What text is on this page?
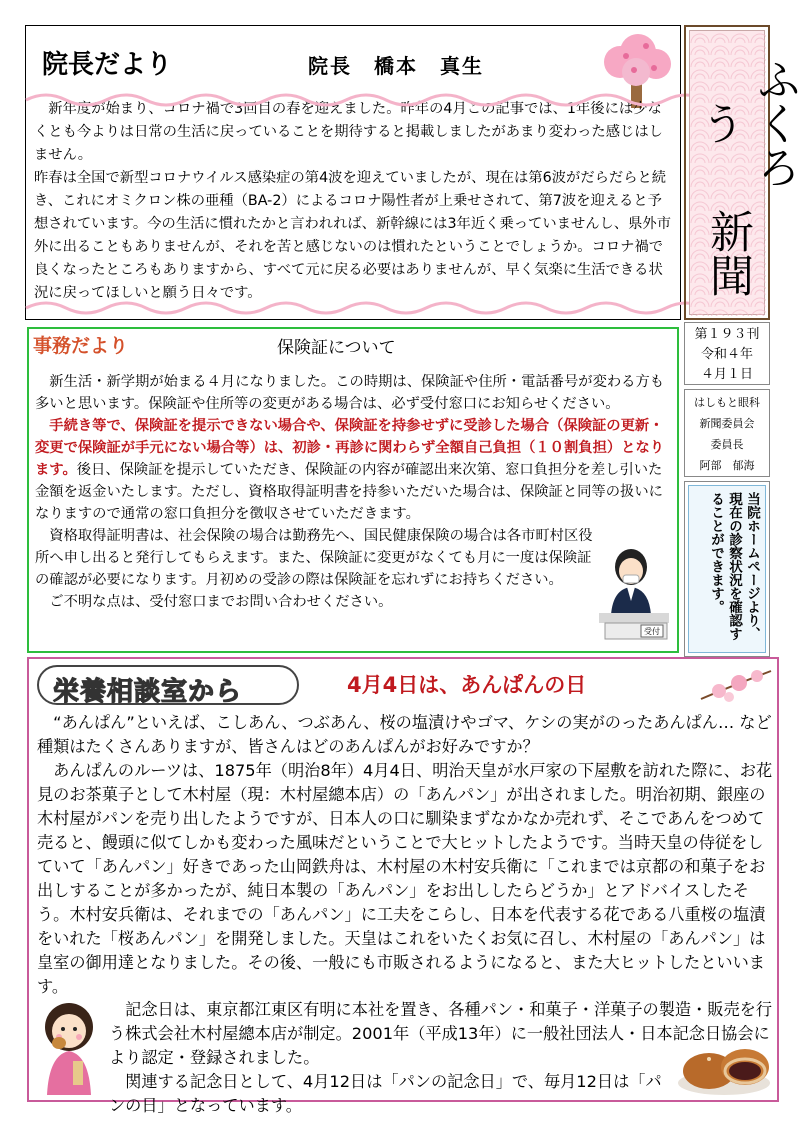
院長だより	院長　橋本　真生

　新年度が始まり、コロナ禍で3回目の春を迎えました。昨年の4月この記事では、1年後には少なくとも今よりは日常の生活に戻っていることを期待すると掲載しましたがあまり変わった感じはしません。

昨春は全国で新型コロナウイルス感染症の第4波を迎えていましたが、現在は第6波がだらだらと続き、これにオミクロン株の亜種（BA-2）によるコロナ陽性者が上乗せされて、第7波を迎えると予想されています。今の生活に慣れたかと言われれば、新幹線には3年近く乗っていませんし、県外市外に出ることもありませんが、それを苦と感じないのは慣れたということでしょうか。コロナ禍で良くなったところもありますから、すべて元に戻る必要はありませんが、早く気楽に生活できる状況に戻ってほしいと願う日々です。

ふくろう
新聞
第１９３刊
令和４年
４月１日
はしもと眼科
新聞委員会
委員長
阿部　郁海
当院ホームページより、現在の診察状況を確認することができます。
事務だより	保険証について

　新生活・新学期が始まる４月になりました。この時期は、保険証や住所・電話番号が変わる方も多いと思います。保険証や住所等の変更がある場合は、必ず受付窓口にお知らせください。

　手続き等で、保険証を提示できない場合や、保険証を持参せずに受診した場合（保険証の更新・変更で保険証が手元にない場合等）は、初診・再診に関わらず全額自己負担（１０割負担）となります。後日、保険証を提示していただき、保険証の内容が確認出来次第、窓口負担分を差し引いた金額を返金いたします。ただし、資格取得証明書を持参いただいた場合は、保険証と同等の扱いになりますので通常の窓口負担分を徴収させていただきます。

　資格取得証明書は、社会保険の場合は勤務先へ、国民健康保険の場合は各市町村区役所へ申し出ると発行してもらえます。また、保険証に変更がなくても月に一度は保険証の確認が必要になります。月初めの受診の際は保険証を忘れずにお持ちください。

　ご不明な点は、受付窓口までお問い合わせください。

受付
栄養相談室から	4月4日は、あんぱんの日

　“あんぱん”といえば、こしあん、つぶあん、桜の塩漬けやゴマ、ケシの実がのったあんぱん… など種類はたくさんありますが、皆さんはどのあんぱんがお好みですか？

　あんぱんのルーツは、1875年（明治8年）4月4日、明治天皇が水戸家の下屋敷を訪れた際に、お花見のお茶菓子として木村屋（現：木村屋總本店）の「あんパン」が出されました。明治初期、銀座の木村屋がパンを売り出したようですが、日本人の口に馴染まずなかなか売れず、そこであんをつめて売ると、饅頭に似てしかも変わった風味だということで大ヒットしたようです。当時天皇の侍従をしていて「あんパン」好きであった山岡鉄舟は、木村屋の木村安兵衛に「これまでは京都の和菓子をお出しすることが多かったが、純日本製の「あんパン」をお出ししたらどうか」とアドバイスしたそう。木村安兵衛は、それまでの「あんパン」に工夫をこらし、日本を代表する花である八重桜の塩漬をいれた「桜あんパン」を開発しました。天皇はこれをいたくお気に召し、木村屋の「あんパン」は皇室の御用達となりました。その後、一般にも市販されるようになると、また大ヒットしたといいます。

　記念日は、東京都江東区有明に本社を置き、各種パン・和菓子・洋菓子の製造・販売を行う株式会社木村屋總本店が制定。2001年（平成13年）に一般社団法人・日本記念日協会により認定・登録されました。

　関連する記念日として、4月12日は「パンの記念日」で、毎月12日は「パンの日」となっています。
